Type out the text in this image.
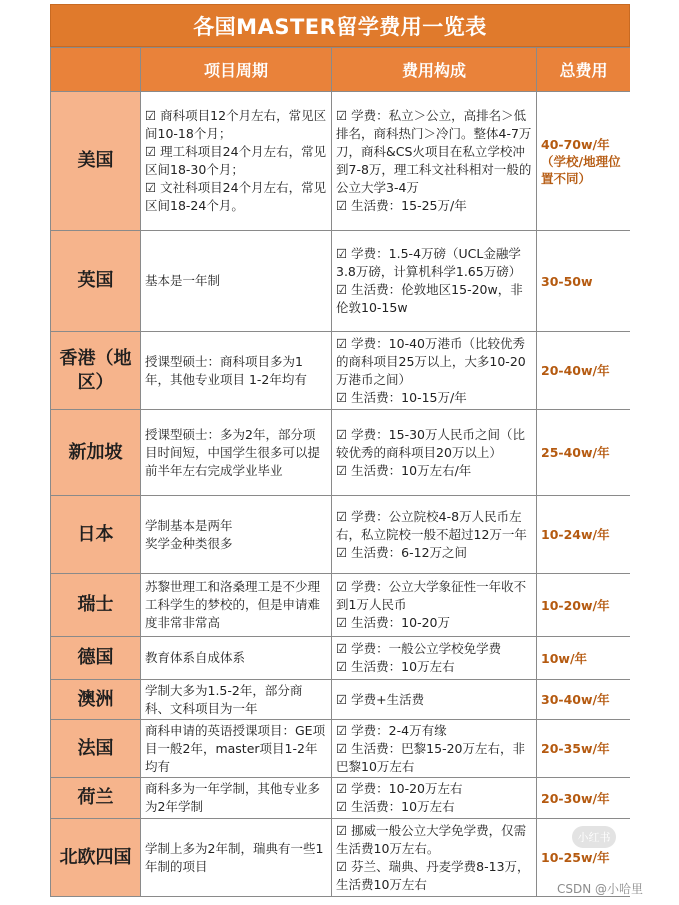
各国MASTER留学费用一览表
	项目周期	费用构成	总费用
美国	☑ 商科项目12个月左右，常见区间10-18个月；
☑ 理工科项目24个月左右，常见区间18-30个月；
☑ 文社科项目24个月左右，常见区间18-24个月。	☑ 学费：私立＞公立，高排名＞低排名，商科热门＞冷门。整体4-7万刀，商科&CS火项目在私立学校冲到7-8万，理工科文社科相对一般的公立大学3-4万
☑ 生活费：15-25万/年	40-70w/年
（学校/地理位置不同）

英国	基本是一年制	☑ 学费：1.5-4万磅（UCL金融学3.8万磅，计算机科学1.65万磅）
☑ 生活费：伦敦地区15-20w，非伦敦10-15w	30-50w
香港（地区）	授课型硕士：商科项目多为1年，其他专业项目 1-2年均有	☑ 学费：10-40万港币（比较优秀的商科项目25万以上，大多10-20万港币之间）
☑ 生活费：10-15万/年	20-40w/年
新加坡	授课型硕士：多为2年，部分项目时间短，中国学生很多可以提前半年左右完成学业毕业	☑ 学费：15-30万人民币之间（比较优秀的商科项目20万以上）
☑ 生活费：10万左右/年	25-40w/年
日本	学制基本是两年
奖学金种类很多	☑ 学费：公立院校4-8万人民币左右，私立院校一般不超过12万一年
☑ 生活费：6-12万之间	10-24w/年
瑞士	苏黎世理工和洛桑理工是不少理工科学生的梦校的，但是申请难度非常非常高	☑ 学费：公立大学象征性一年收不到1万人民币
☑ 生活费：10-20万	10-20w/年
德国	教育体系自成体系	☑ 学费：一般公立学校免学费
☑ 生活费：10万左右	10w/年
澳洲	学制大多为1.5-2年，部分商科、文科项目为一年	☑ 学费+生活费	30-40w/年
法国	商科申请的英语授课项目：GE项目一般2年，master项目1-2年均有	☑ 学费：2-4万有缘
☑ 生活费：巴黎15-20万左右，非巴黎10万左右	20-35w/年
荷兰	商科多为一年学制，其他专业多为2年学制	☑ 学费：10-20万左右
☑ 生活费：10万左右	20-30w/年
北欧四国	学制上多为2年制，瑞典有一些1年制的项目	☑ 挪威一般公立大学免学费，仅需生活费10万左右。
☑ 芬兰、瑞典、丹麦学费8-13万，生活费10万左右	10-25w/年
小红书
CSDN @小哈里
